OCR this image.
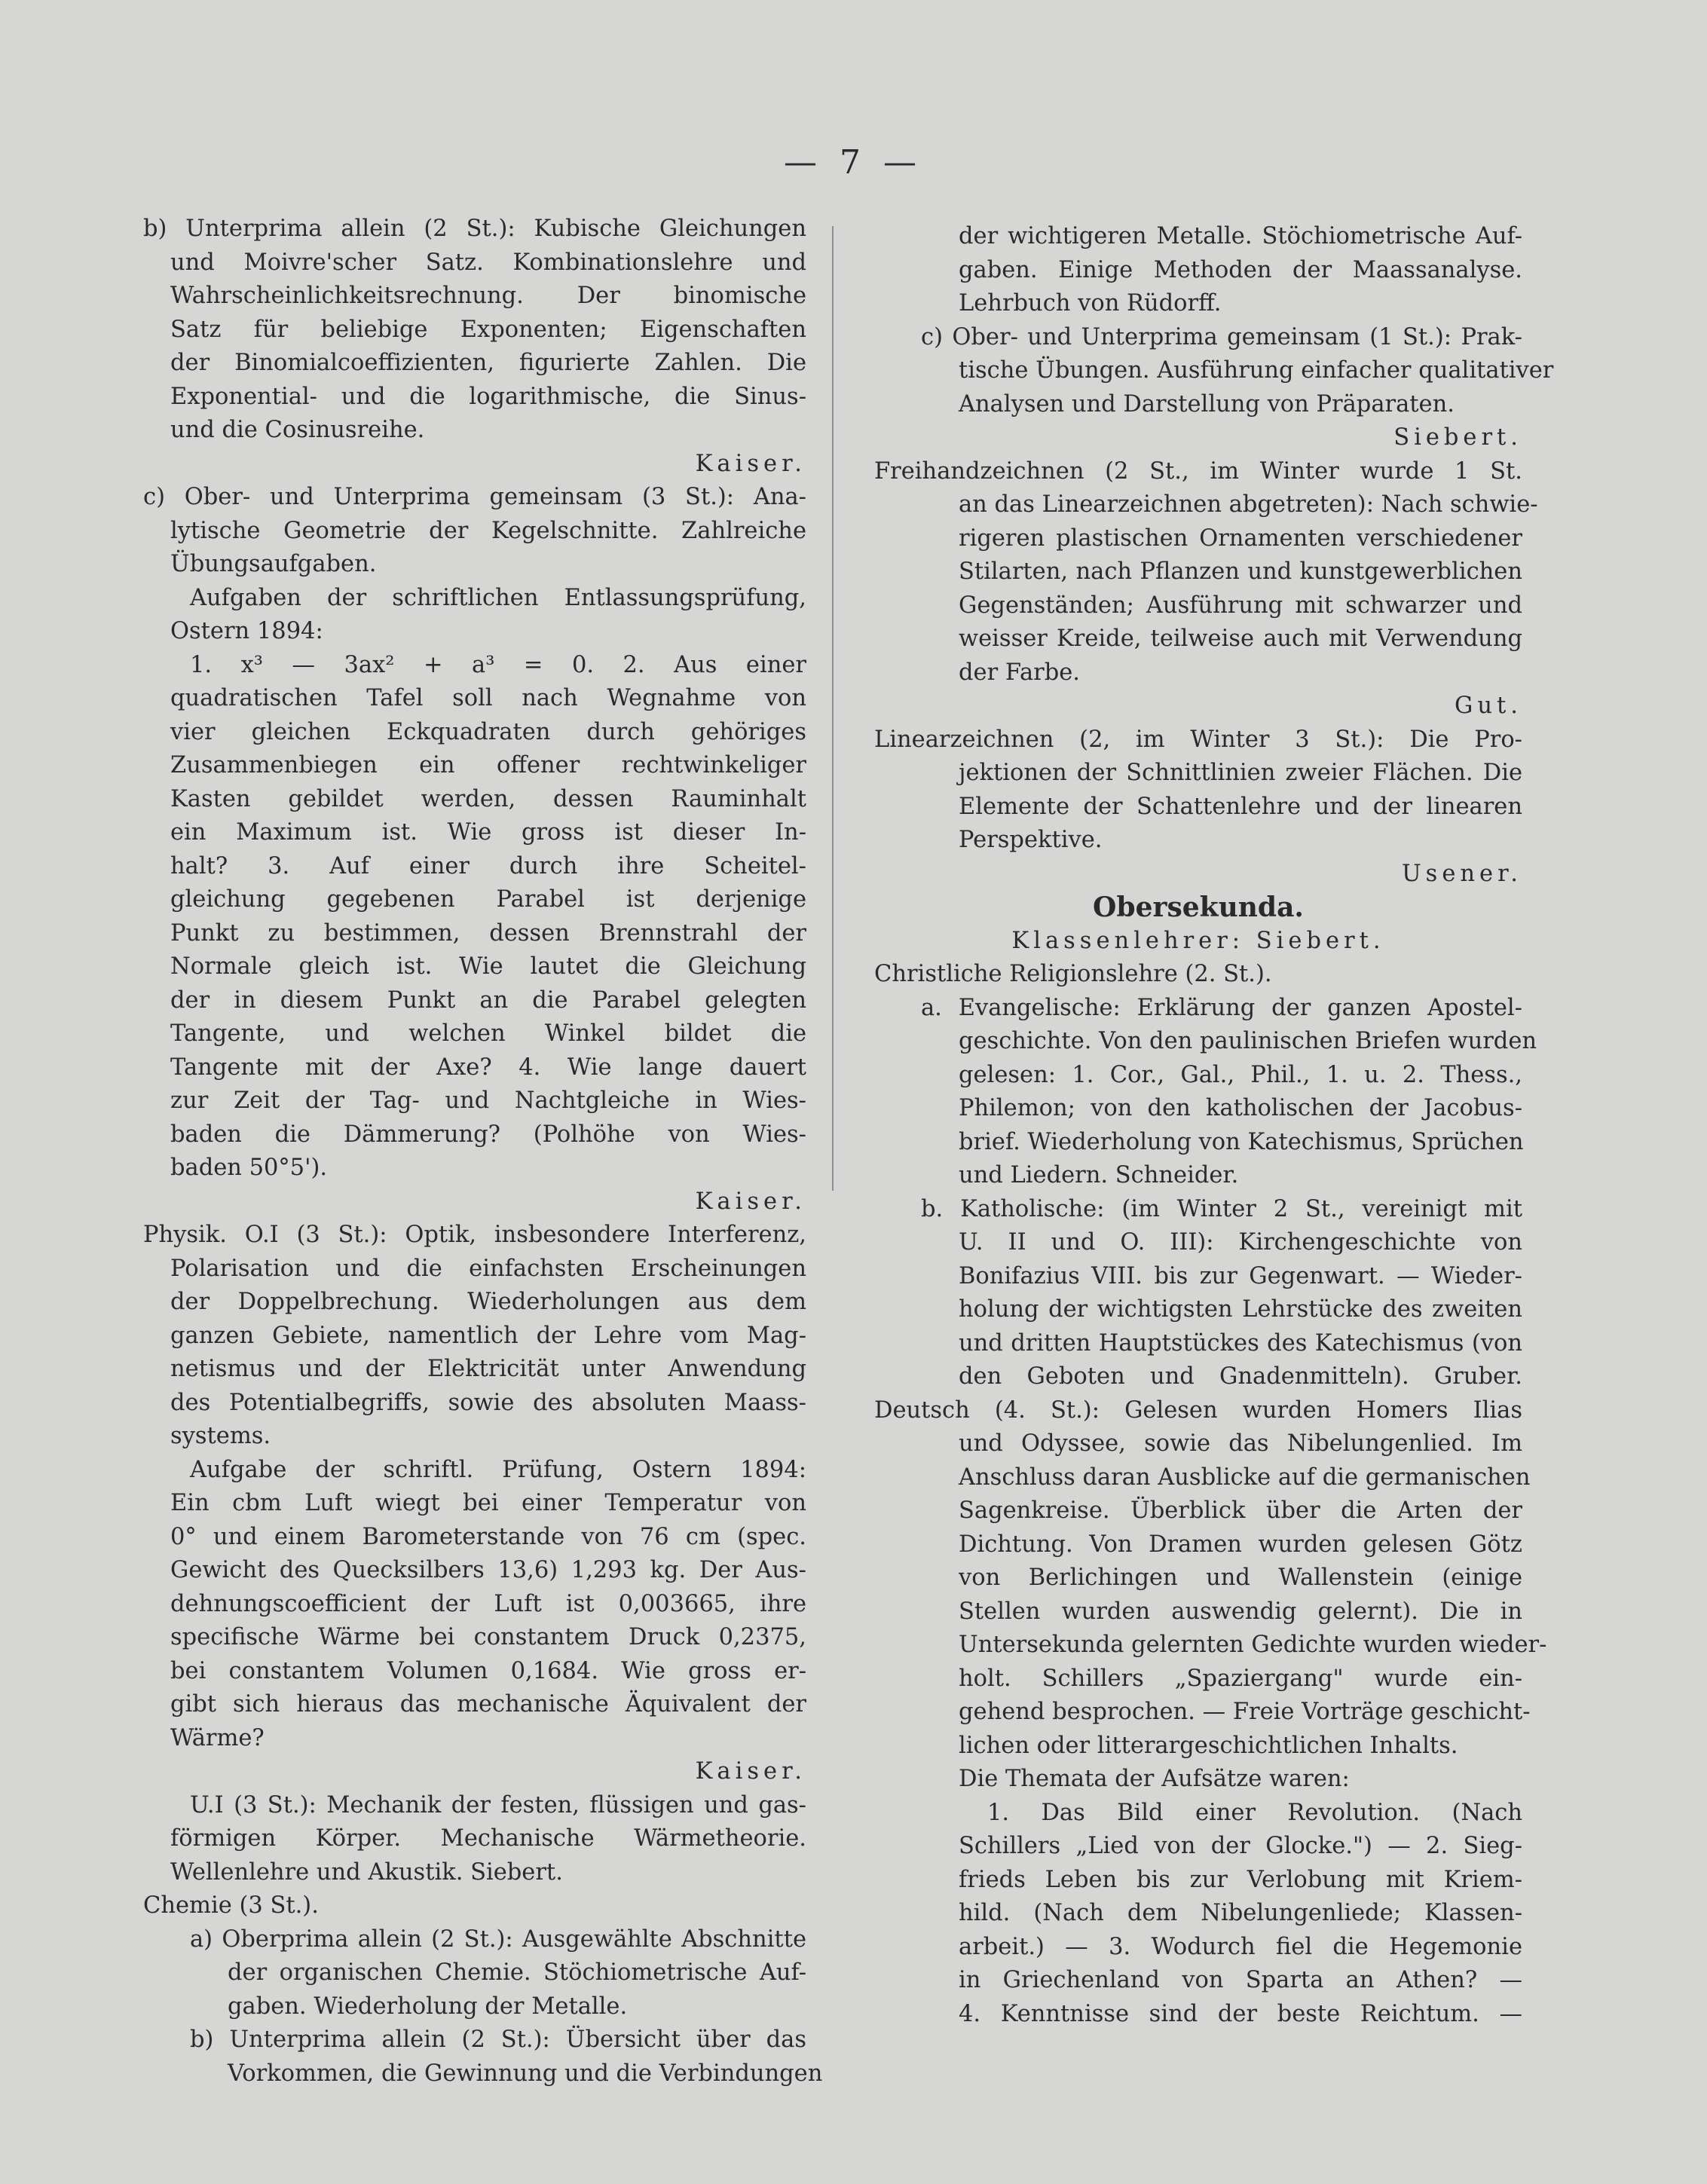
— 7 —
b) Unterprima allein (2 St.): Kubische Gleichungen
und Moivre'scher Satz. Kombinationslehre und
Wahrscheinlichkeitsrechnung. Der binomische
Satz für beliebige Exponenten; Eigenschaften
der Binomialcoeffizienten, figurierte Zahlen. Die
Exponential- und die logarithmische, die Sinus-
und die Cosinusreihe.
Kaiser.
c) Ober- und Unterprima gemeinsam (3 St.): Ana-
lytische Geometrie der Kegelschnitte. Zahlreiche
Übungsaufgaben.
Aufgaben der schriftlichen Entlassungsprüfung,
Ostern 1894:
1. x³ — 3ax² + a³ = 0. 2. Aus einer
quadratischen Tafel soll nach Wegnahme von
vier gleichen Eckquadraten durch gehöriges
Zusammenbiegen ein offener rechtwinkeliger
Kasten gebildet werden, dessen Rauminhalt
ein Maximum ist. Wie gross ist dieser In-
halt? 3. Auf einer durch ihre Scheitel-
gleichung gegebenen Parabel ist derjenige
Punkt zu bestimmen, dessen Brennstrahl der
Normale gleich ist. Wie lautet die Gleichung
der in diesem Punkt an die Parabel gelegten
Tangente, und welchen Winkel bildet die
Tangente mit der Axe? 4. Wie lange dauert
zur Zeit der Tag- und Nachtgleiche in Wies-
baden die Dämmerung? (Polhöhe von Wies-
baden 50°5').
Kaiser.
Physik. O.I (3 St.): Optik, insbesondere Interferenz,
Polarisation und die einfachsten Erscheinungen
der Doppelbrechung. Wiederholungen aus dem
ganzen Gebiete, namentlich der Lehre vom Mag-
netismus und der Elektricität unter Anwendung
des Potentialbegriffs, sowie des absoluten Maass-
systems.
Aufgabe der schriftl. Prüfung, Ostern 1894:
Ein cbm Luft wiegt bei einer Temperatur von
0° und einem Barometerstande von 76 cm (spec.
Gewicht des Quecksilbers 13,6) 1,293 kg. Der Aus-
dehnungscoefficient der Luft ist 0,003665, ihre
specifische Wärme bei constantem Druck 0,2375,
bei constantem Volumen 0,1684. Wie gross er-
gibt sich hieraus das mechanische Äquivalent der
Wärme?
Kaiser.
U.I (3 St.): Mechanik der festen, flüssigen und gas-
förmigen Körper. Mechanische Wärmetheorie.
Wellenlehre und Akustik. Siebert.
Chemie (3 St.).
a) Oberprima allein (2 St.): Ausgewählte Abschnitte
der organischen Chemie. Stöchiometrische Auf-
gaben. Wiederholung der Metalle.
b) Unterprima allein (2 St.): Übersicht über das
Vorkommen, die Gewinnung und die Verbindungen
der wichtigeren Metalle. Stöchiometrische Auf-
gaben. Einige Methoden der Maassanalyse.
Lehrbuch von Rüdorff.
c) Ober- und Unterprima gemeinsam (1 St.): Prak-
tische Übungen. Ausführung einfacher qualitativer
Analysen und Darstellung von Präparaten.
Siebert.
Freihandzeichnen (2 St., im Winter wurde 1 St.
an das Linearzeichnen abgetreten): Nach schwie-
rigeren plastischen Ornamenten verschiedener
Stilarten, nach Pflanzen und kunstgewerblichen
Gegenständen; Ausführung mit schwarzer und
weisser Kreide, teilweise auch mit Verwendung
der Farbe.
Gut.
Linearzeichnen (2, im Winter 3 St.): Die Pro-
jektionen der Schnittlinien zweier Flächen. Die
Elemente der Schattenlehre und der linearen
Perspektive.
Usener.
Obersekunda.
Klassenlehrer: Siebert.
Christliche Religionslehre (2. St.).
a. Evangelische: Erklärung der ganzen Apostel-
geschichte. Von den paulinischen Briefen wurden
gelesen: 1. Cor., Gal., Phil., 1. u. 2. Thess.,
Philemon; von den katholischen der Jacobus-
brief. Wiederholung von Katechismus, Sprüchen
und Liedern. Schneider.
b. Katholische: (im Winter 2 St., vereinigt mit
U. II und O. III): Kirchengeschichte von
Bonifazius VIII. bis zur Gegenwart. — Wieder-
holung der wichtigsten Lehrstücke des zweiten
und dritten Hauptstückes des Katechismus (von
den Geboten und Gnadenmitteln). Gruber.
Deutsch (4. St.): Gelesen wurden Homers Ilias
und Odyssee, sowie das Nibelungenlied. Im
Anschluss daran Ausblicke auf die germanischen
Sagenkreise. Überblick über die Arten der
Dichtung. Von Dramen wurden gelesen Götz
von Berlichingen und Wallenstein (einige
Stellen wurden auswendig gelernt). Die in
Untersekunda gelernten Gedichte wurden wieder-
holt. Schillers „Spaziergang" wurde ein-
gehend besprochen. — Freie Vorträge geschicht-
lichen oder litterargeschichtlichen Inhalts.
Die Themata der Aufsätze waren:
1. Das Bild einer Revolution. (Nach
Schillers „Lied von der Glocke.") — 2. Sieg-
frieds Leben bis zur Verlobung mit Kriem-
hild. (Nach dem Nibelungenliede; Klassen-
arbeit.) — 3. Wodurch fiel die Hegemonie
in Griechenland von Sparta an Athen? —
4. Kenntnisse sind der beste Reichtum. —
